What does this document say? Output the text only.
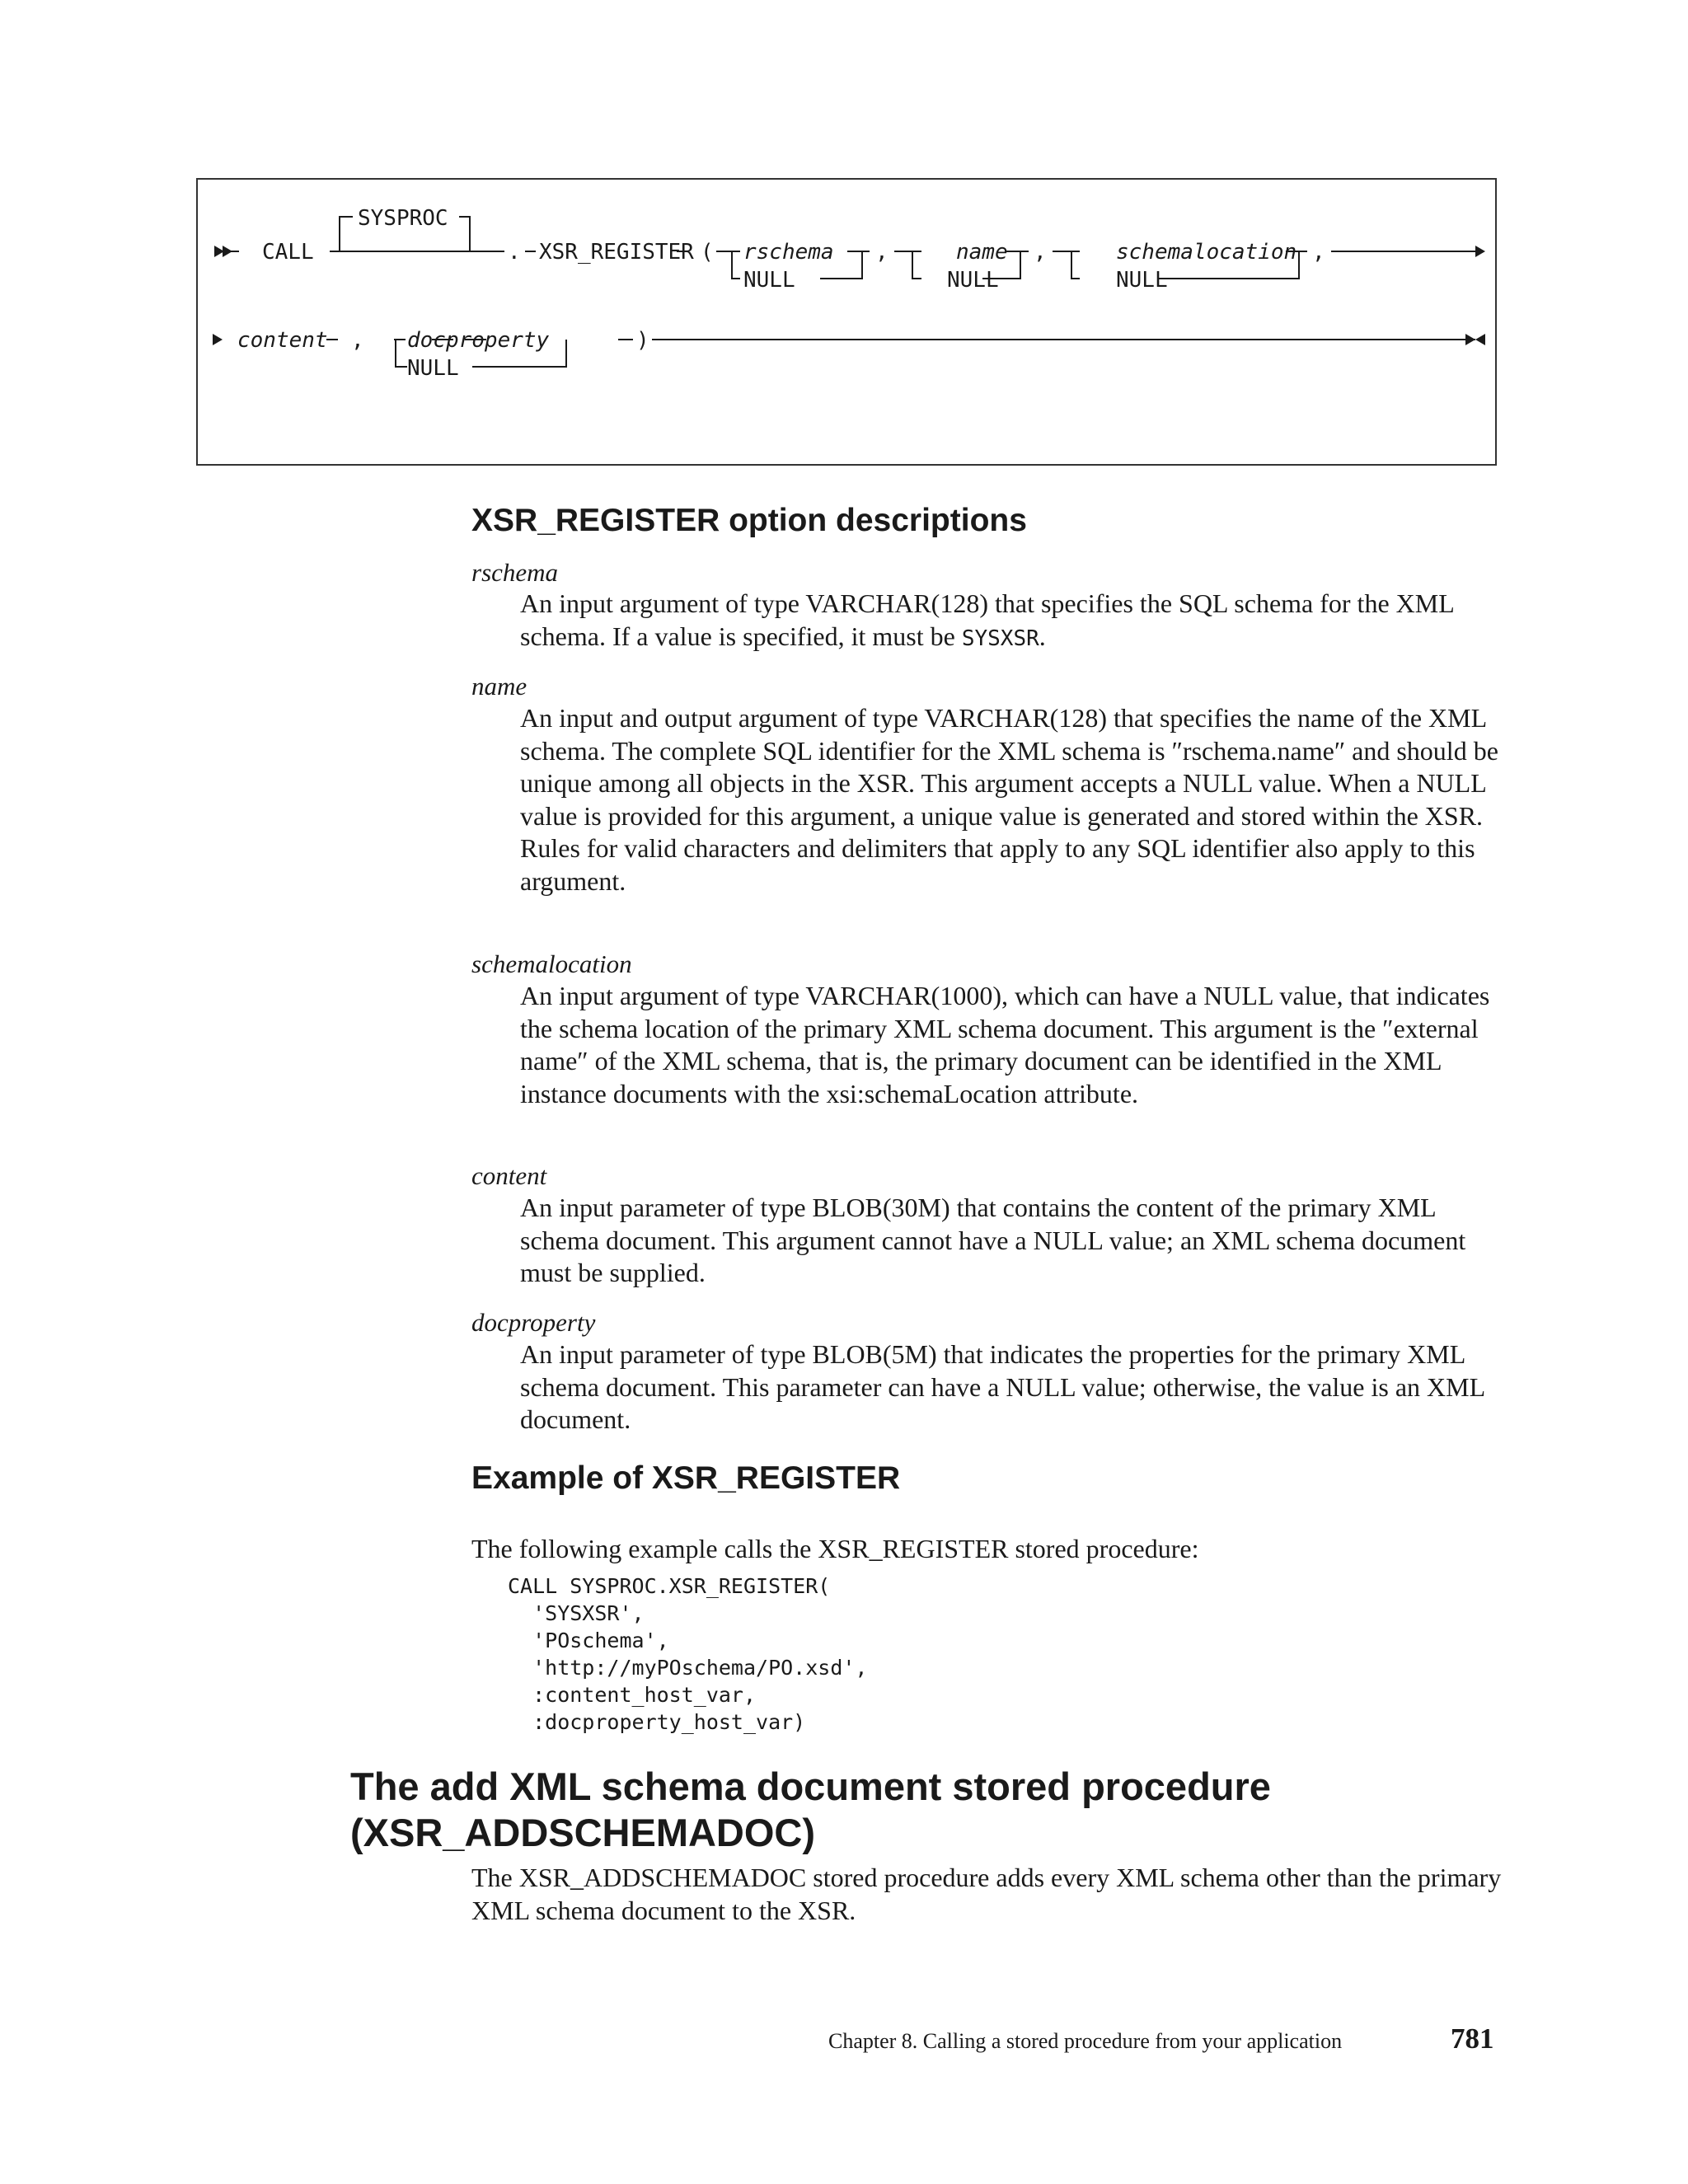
CALL
SYSPROC
. XSR_REGISTER ( rschema
NULL
,	name
NULL
,	schemalocation
NULL
,
content , docproperty
NULL
)
XSR_REGISTER option descriptions
rschema

An input argument of type VARCHAR(128) that specifies the SQL schema for the XML schema. If a value is specified, it must be SYSXSR.

name

An input and output argument of type VARCHAR(128) that specifies the name of the XML schema. The complete SQL identifier for the XML schema is ″rschema.name″ and should be unique among all objects in the XSR. This argument accepts a NULL value. When a NULL value is provided for this argument, a unique value is generated and stored within the XSR. Rules for valid characters and delimiters that apply to any SQL identifier also apply to this argument.

schemalocation

An input argument of type VARCHAR(1000), which can have a NULL value, that indicates the schema location of the primary XML schema document. This argument is the ″external name″ of the XML schema, that is, the primary document can be identified in the XML instance documents with the xsi:schemaLocation attribute.

content

An input parameter of type BLOB(30M) that contains the content of the primary XML schema document. This argument cannot have a NULL value; an XML schema document must be supplied.

docproperty

An input parameter of type BLOB(5M) that indicates the properties for the primary XML schema document. This parameter can have a NULL value; otherwise, the value is an XML document.

Example of XSR_REGISTER

The following example calls the XSR_REGISTER stored procedure:

CALL SYSPROC.XSR_REGISTER(
'SYSXSR',
'POschema',
'http://myPOschema/PO.xsd',
:content_host_var,
:docproperty_host_var)
The add XML schema document stored procedure
(XSR_ADDSCHEMADOC)

The XSR_ADDSCHEMADOC stored procedure adds every XML schema other than the primary XML schema document to the XSR.

Chapter 8. Calling a stored procedure from your application	781
